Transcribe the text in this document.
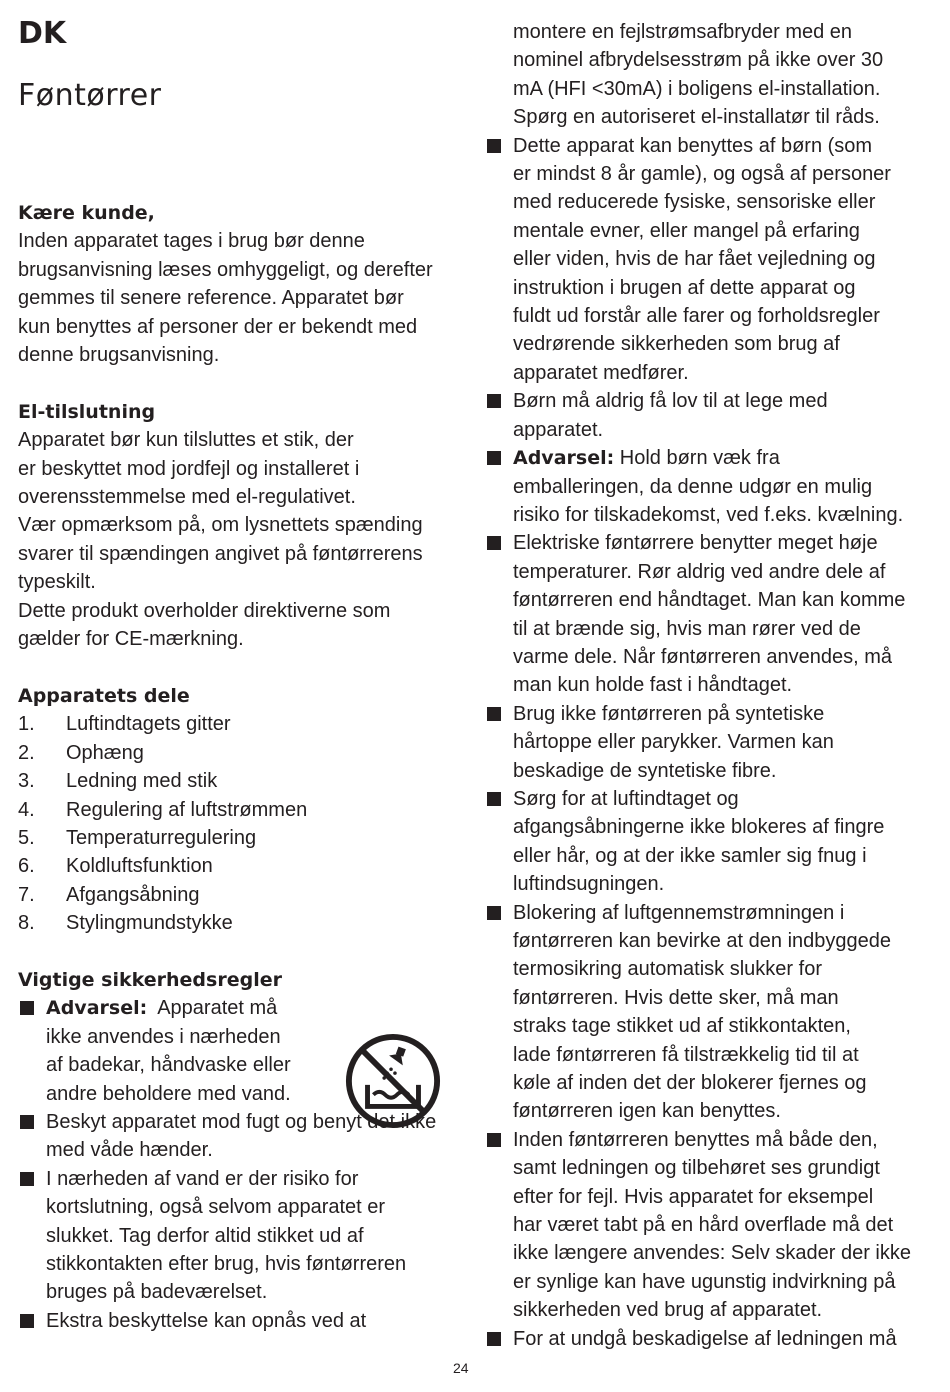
DK
Føntørrer
Kære kunde,
Inden apparatet tages i brug bør denne
brugsanvisning læses omhyggeligt, og derefter
gemmes til senere reference. Apparatet bør
kun benyttes af personer der er bekendt med
denne brugsanvisning.
El-tilslutning
Apparatet bør kun tilsluttes et stik, der
er beskyttet mod jordfejl og installeret i
overensstemmelse med el-regulativet.
Vær opmærksom på, om lysnettets spænding
svarer til spændingen angivet på føntørrerens
typeskilt.
Dette produkt overholder direktiverne som
gælder for CE-mærkning.
Apparatets dele
1.	Luftindtagets gitter
2.	Ophæng
3.	Ledning med stik
4.	Regulering af luftstrømmen
5.	Temperaturregulering
6.	Koldluftsfunktion
7.	Afgangsåbning
8.	Stylingmundstykke
Vigtige sikkerhedsregler
Advarsel: Apparatet må
ikke anvendes i nærheden
af badekar, håndvaske eller
andre beholdere med vand.
Beskyt apparatet mod fugt og benyt det ikke
med våde hænder.
I nærheden af vand er der risiko for
kortslutning, også selvom apparatet er
slukket. Tag derfor altid stikket ud af
stikkontakten efter brug, hvis føntørreren
bruges på badeværelset.
Ekstra beskyttelse kan opnås ved at
montere en fejlstrømsafbryder med en
nominel afbrydelsesstrøm på ikke over 30
mA (HFI <30mA) i boligens el-installation.
Spørg en autoriseret el-installatør til råds.
Dette apparat kan benyttes af børn (som
er mindst 8 år gamle), og også af personer
med reducerede fysiske, sensoriske eller
mentale evner, eller mangel på erfaring
eller viden, hvis de har fået vejledning og
instruktion i brugen af dette apparat og
fuldt ud forstår alle farer og forholdsregler
vedrørende sikkerheden som brug af
apparatet medfører.
Børn må aldrig få lov til at lege med
apparatet.
Advarsel: Hold børn væk fra
emballeringen, da denne udgør en mulig
risiko for tilskadekomst, ved f.eks. kvælning.
Elektriske føntørrere benytter meget høje
temperaturer. Rør aldrig ved andre dele af
føntørreren end håndtaget. Man kan komme
til at brænde sig, hvis man rører ved de
varme dele. Når føntørreren anvendes, må
man kun holde fast i håndtaget.
Brug ikke føntørreren på syntetiske
hårtoppe eller parykker. Varmen kan
beskadige de syntetiske fibre.
Sørg for at luftindtaget og
afgangsåbningerne ikke blokeres af fingre
eller hår, og at der ikke samler sig fnug i
luftindsugningen.
Blokering af luftgennemstrømningen i
føntørreren kan bevirke at den indbyggede
termosikring automatisk slukker for
føntørreren. Hvis dette sker, må man
straks tage stikket ud af stikkontakten,
lade føntørreren få tilstrækkelig tid til at
køle af inden det der blokerer fjernes og
føntørreren igen kan benyttes.
Inden føntørreren benyttes må både den,
samt ledningen og tilbehøret ses grundigt
efter for fejl. Hvis apparatet for eksempel
har været tabt på en hård overflade må det
ikke længere anvendes: Selv skader der ikke
er synlige kan have ugunstig indvirkning på
sikkerheden ved brug af apparatet.
For at undgå beskadigelse af ledningen må
24
